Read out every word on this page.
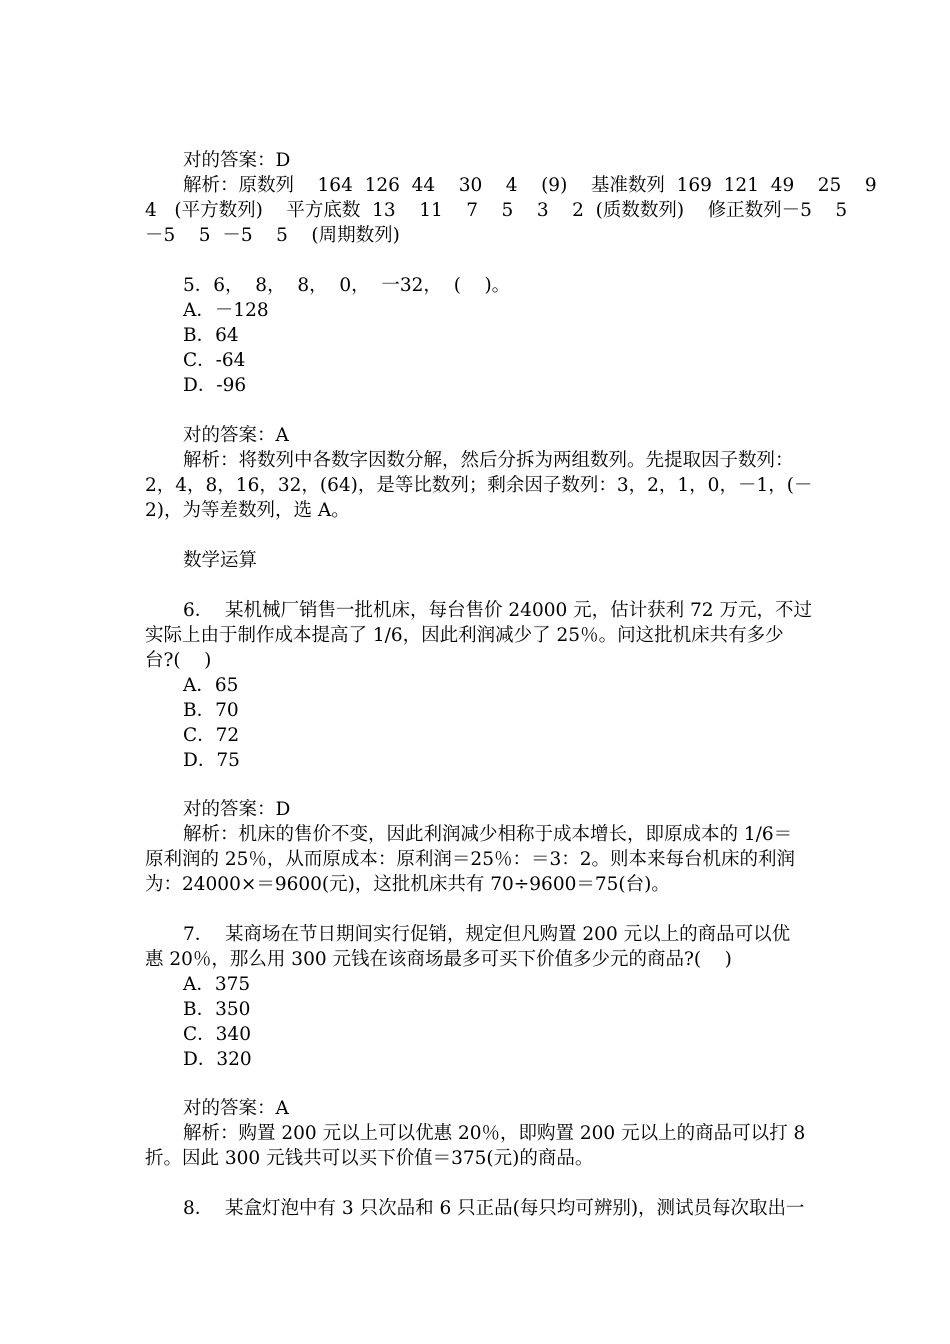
对的答案：D
解析：原数列    164  126  44    30    4    (9)    基准数列  169  121  49    25    9
4   (平方数列)    平方底数  13    11    7    5    3    2  (质数数列)    修正数列－5    5
－5    5  －5    5    (周期数列)
5．6，  8，  8，  0，  一32，  (    )。
A．－128
B．64
C．-64
D．-96
对的答案：A
解析：将数列中各数字因数分解，然后分拆为两组数列。先提取因子数列：
2，4，8，16，32，(64)，是等比数列；剩余因子数列：3，2，1，0，－1，(－
2)，为等差数列，选 A。
数学运算
6．  某机械厂销售一批机床，每台售价 24000 元，估计获利 72 万元，不过
实际上由于制作成本提高了 1/6，因此利润减少了 25％。问这批机床共有多少
台?(    )
A．65
B．70
C．72
D．75
对的答案：D
解析：机床的售价不变，因此利润减少相称于成本增长，即原成本的 1/6＝
原利润的 25％，从而原成本：原利润＝25％：＝3：2。则本来每台机床的利润
为：24000×＝9600(元)，这批机床共有 70÷9600＝75(台)。
7．  某商场在节日期间实行促销，规定但凡购置 200 元以上的商品可以优
惠 20％，那么用 300 元钱在该商场最多可买下价值多少元的商品?(    )
A．375
B．350
C．340
D．320
对的答案：A
解析：购置 200 元以上可以优惠 20％，即购置 200 元以上的商品可以打 8
折。因此 300 元钱共可以买下价值＝375(元)的商品。
8．  某盒灯泡中有 3 只次品和 6 只正品(每只均可辨别)，测试员每次取出一
